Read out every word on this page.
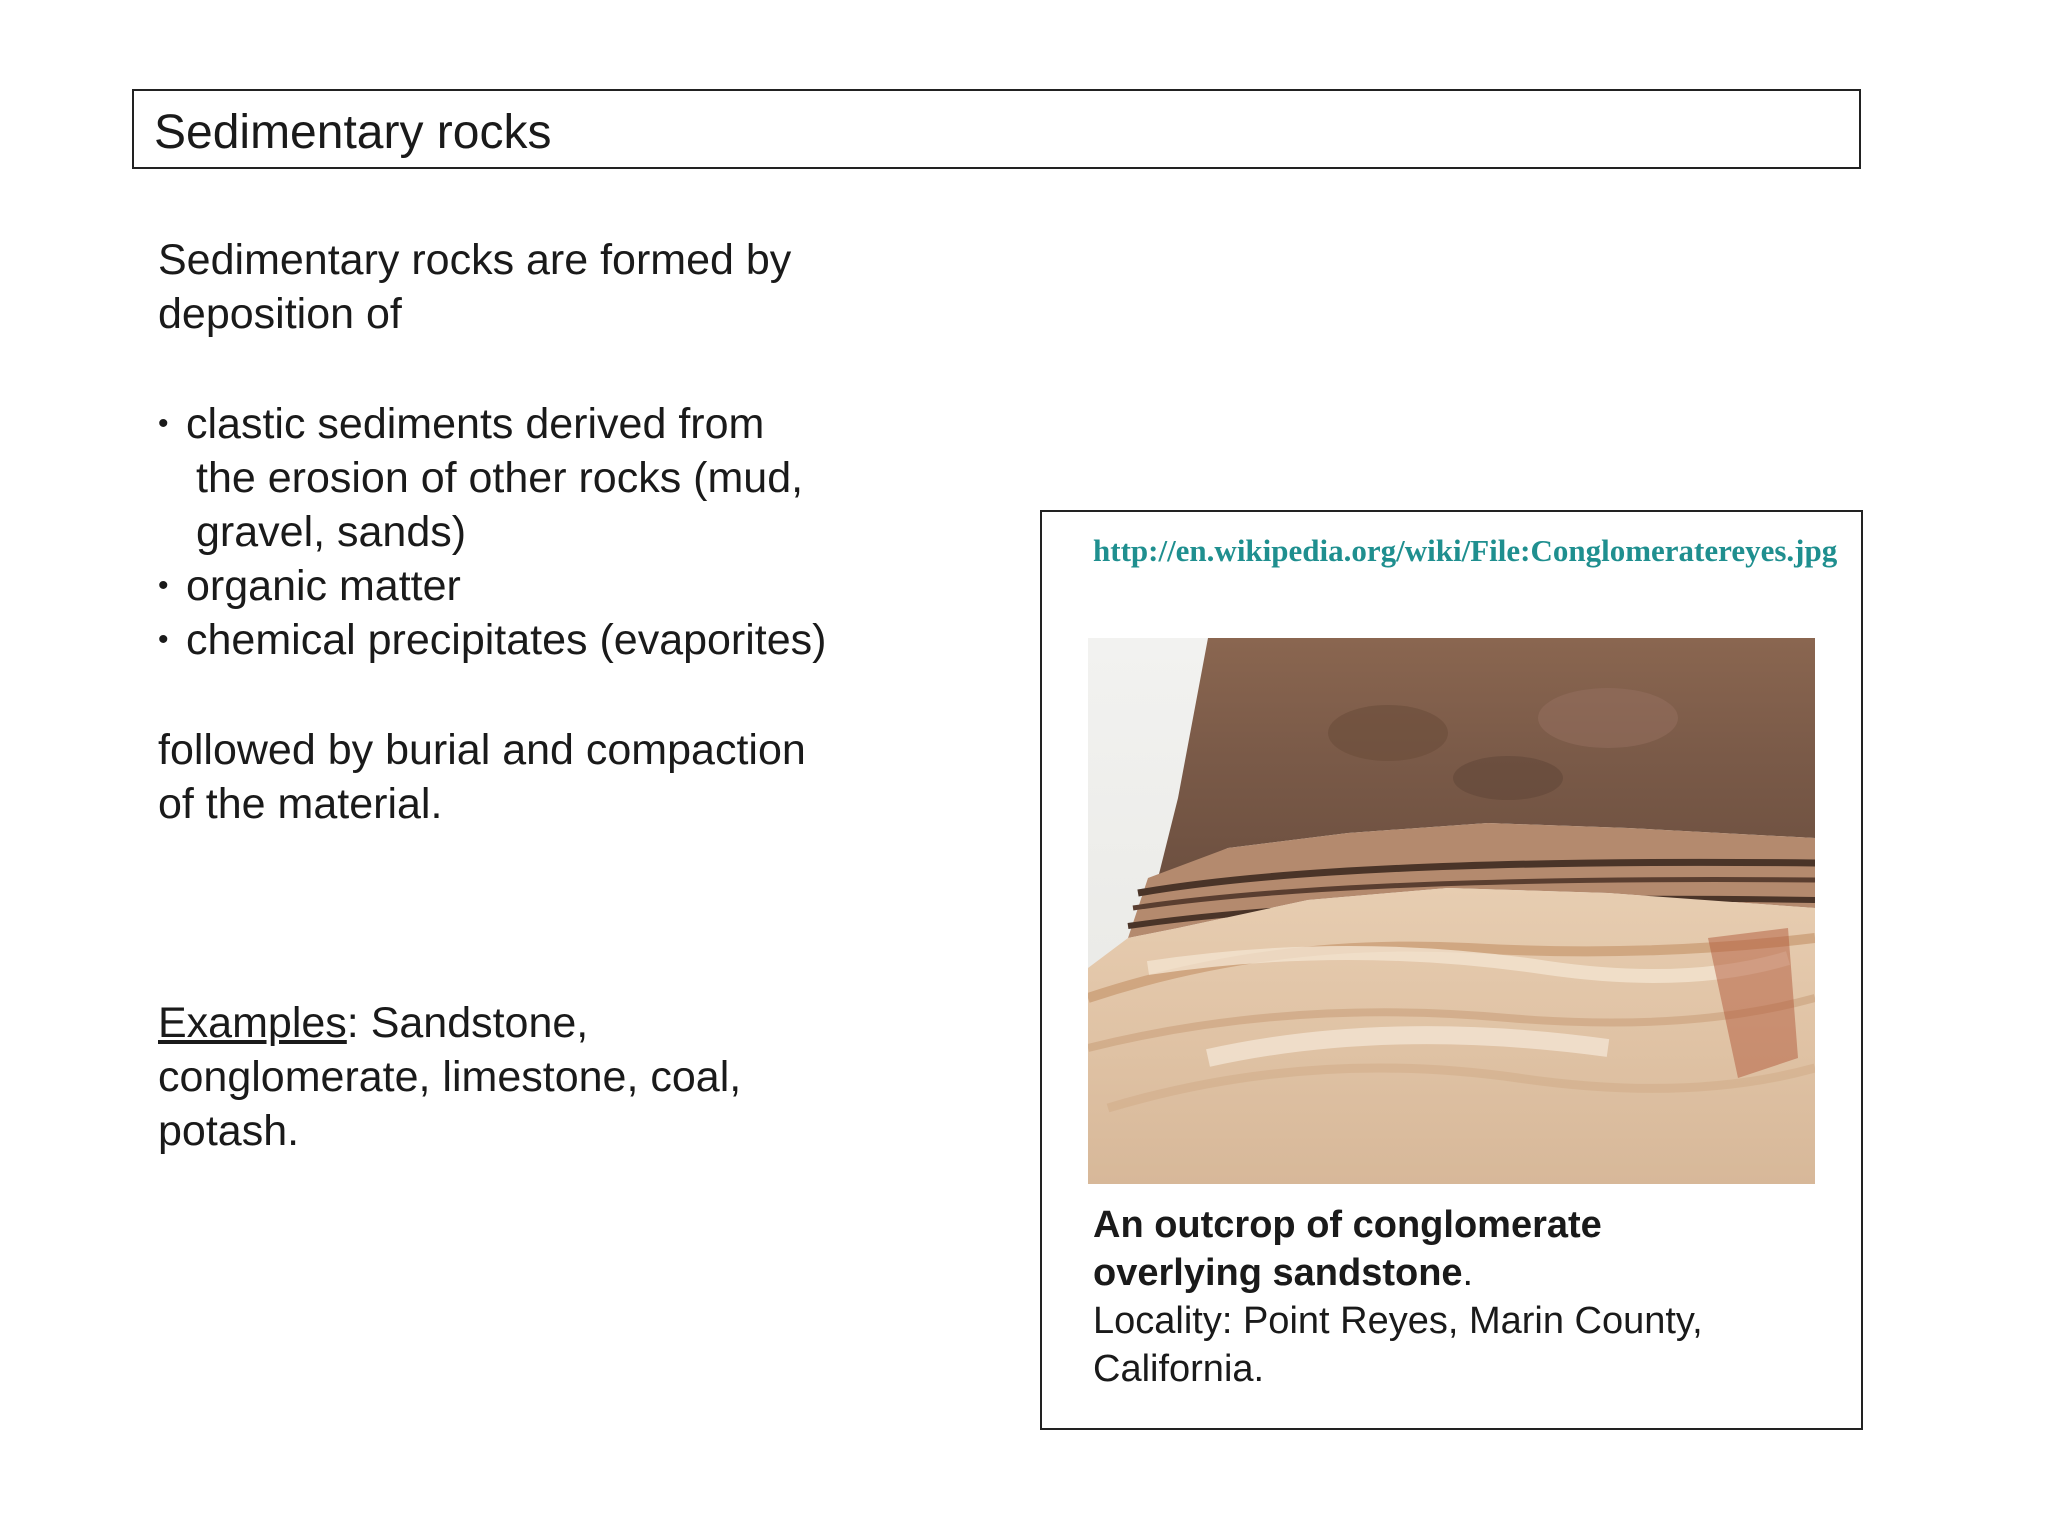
Sedimentary rocks
Sedimentary rocks are formed by
deposition of
• clastic sediments derived from
the erosion of other rocks (mud,
gravel, sands)
• organic matter
• chemical precipitates (evaporites)
followed by burial and compaction
of the material.
Examples: Sandstone,
conglomerate, limestone, coal,
potash.
http://en.wikipedia.org/wiki/File:Conglomeratereyes.jpg
An outcrop of conglomerate
overlying sandstone.
Locality: Point Reyes, Marin County,
California.
